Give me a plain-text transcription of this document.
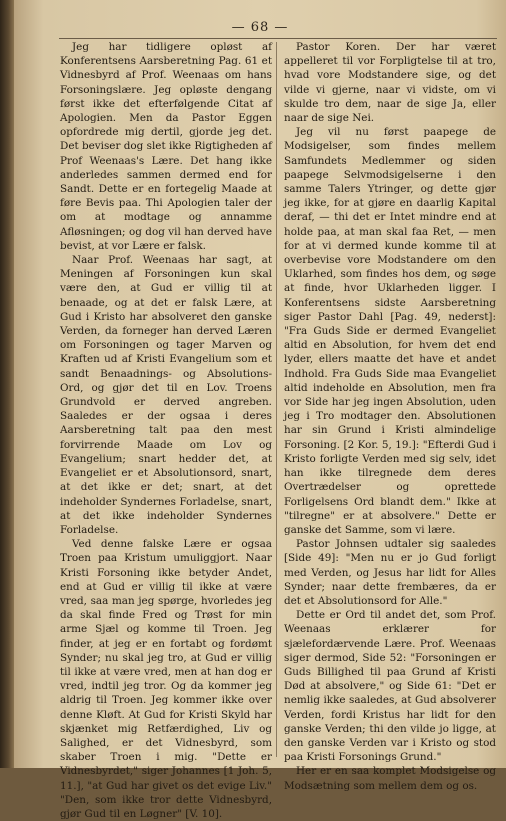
— 68 —

Jeg har tidligere opløst af Konferentsens Aarsberetning Pag. 61 et Vidnesbyrd af Prof. Weenaas om hans Forsoningslære. Jeg opløste dengang først ikke det efterfølgende Citat af Apologien. Men da Pastor Eggen opfordrede mig dertil, gjorde jeg det. Det beviser dog slet ikke Rigtigheden af Prof Weenaas's Lære. Det hang ikke anderledes sammen dermed end for Sandt. Dette er en fortegelig Maade at føre Bevis paa. Thi Apologien taler der om at modtage og annamme Afløsningen; og dog vil han derved have bevist, at vor Lære er falsk.

Naar Prof. Weenaas har sagt, at Meningen af Forsoningen kun skal være den, at Gud er villig til at benaade, og at det er falsk Lære, at Gud i Kristo har absolveret den ganske Verden, da forneger han derved Læren om Forsoningen og tager Marven og Kraften ud af Kristi Evangelium som et sandt Benaadnings- og Absolutions-Ord, og gjør det til en Lov. Troens Grundvold er derved angreben. Saaledes er der ogsaa i deres Aarsberetning talt paa den mest forvirrende Maade om Lov og Evangelium; snart hedder det, at Evangeliet er et Absolutionsord, snart, at det ikke er det; snart, at det indeholder Syndernes Forladelse, snart, at det ikke indeholder Syndernes Forladelse.

Ved denne falske Lære er ogsaa Troen paa Kristum umuliggjort. Naar Kristi Forsoning ikke betyder Andet, end at Gud er villig til ikke at være vred, saa man jeg spørge, hvorledes jeg da skal finde Fred og Trøst for min arme Sjæl og komme til Troen. Jeg finder, at jeg er en fortabt og fordømt Synder; nu skal jeg tro, at Gud er villig til ikke at være vred, men at han dog er vred, indtil jeg tror. Og da kommer jeg aldrig til Troen. Jeg kommer ikke over denne Kløft. At Gud for Kristi Skyld har skjænket mig Retfærdighed, Liv og Salighed, er det Vidnesbyrd, som skaber Troen i mig. "Dette er Vidnesbyrdet," siger Johannes [1 Joh. 5, 11.], "at Gud har givet os det evige Liv." "Den, som ikke tror dette Vidnesbyrd, gjør Gud til en Løgner" [V. 10].

Pastor Koren. Der har været appelleret til vor Forpligtelse til at tro, hvad vore Modstandere sige, og det vilde vi gjerne, naar vi vidste, om vi skulde tro dem, naar de sige Ja, eller naar de sige Nei.

Jeg vil nu først paapege de Modsigelser, som findes mellem Samfundets Medlemmer og siden paapege Selvmodsigelserne i den samme Talers Ytringer, og dette gjør jeg ikke, for at gjøre en daarlig Kapital deraf, — thi det er Intet mindre end at holde paa, at man skal faa Ret, — men for at vi dermed kunde komme til at overbevise vore Modstandere om den Uklarhed, som findes hos dem, og søge at finde, hvor Uklarheden ligger. I Konferentsens sidste Aarsberetning siger Pastor Dahl [Pag. 49, nederst]: "Fra Guds Side er dermed Evangeliet altid en Absolution, for hvem det end lyder, ellers maatte det have et andet Indhold. Fra Guds Side maa Evangeliet altid indeholde en Absolution, men fra vor Side har jeg ingen Absolution, uden jeg i Tro modtager den. Absolutionen har sin Grund i Kristi almindelige Forsoning. [2 Kor. 5, 19.]: "Efterdi Gud i Kristo forligte Verden med sig selv, idet han ikke tilregnede dem deres Overtrædelser og oprettede Forligelsens Ord blandt dem." Ikke at "tilregne" er at absolvere." Dette er ganske det Samme, som vi lære.

Pastor Johnsen udtaler sig saaledes [Side 49]: "Men nu er jo Gud forligt med Verden, og Jesus har lidt for Alles Synder; naar dette frembæres, da er det et Absolutionsord for Alle."

Dette er Ord til andet det, som Prof. Weenaas erklærer for sjælefordærvende Lære. Prof. Weenaas siger dermod, Side 52: "Forsoningen er Guds Billighed til paa Grund af Kristi Død at absolvere," og Side 61: "Det er nemlig ikke saaledes, at Gud absolverer Verden, fordi Kristus har lidt for den ganske Verden; thi den vilde jo ligge, at den ganske Verden var i Kristo og stod paa Kristi Forsonings Grund."

Her er en saa komplet Modsigelse og Modsætning som mellem dem og os.
